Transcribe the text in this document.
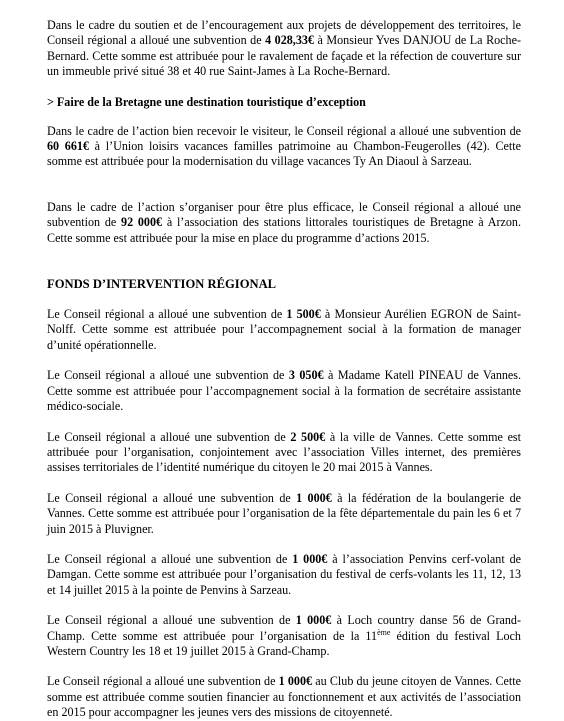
Dans le cadre du soutien et de l’encouragement aux projets de développement des territoires, le Conseil régional a alloué une subvention de 4 028,33€ à Monsieur Yves DANJOU de La Roche-Bernard. Cette somme est attribuée pour le ravalement de façade et la réfection de couverture sur un immeuble privé situé 38 et 40 rue Saint-James à La Roche-Bernard.

> Faire de la Bretagne une destination touristique d’exception

Dans le cadre de l’action bien recevoir le visiteur, le Conseil régional a alloué une subvention de 60 661€ à l’Union loisirs vacances familles patrimoine au Chambon-Feugerolles (42). Cette somme est attribuée pour la modernisation du village vacances Ty An Diaoul à Sarzeau.

Dans le cadre de l’action s’organiser pour être plus efficace, le Conseil régional a alloué une subvention de 92 000€ à l’association des stations littorales touristiques de Bretagne à Arzon. Cette somme est attribuée pour la mise en place du programme d’actions 2015.

FONDS D’INTERVENTION RÉGIONAL

Le Conseil régional a alloué une subvention de 1 500€ à Monsieur Aurélien EGRON de Saint-Nolff. Cette somme est attribuée pour l’accompagnement social à la formation de manager d’unité opérationnelle.

Le Conseil régional a alloué une subvention de 3 050€ à Madame Katell PINEAU de Vannes. Cette somme est attribuée pour l’accompagnement social à la formation de secrétaire assistante médico-sociale.

Le Conseil régional a alloué une subvention de 2 500€ à la ville de Vannes. Cette somme est attribuée pour l’organisation, conjointement avec l’association Villes internet, des premières assises territoriales de l’identité numérique du citoyen le 20 mai 2015 à Vannes.

Le Conseil régional a alloué une subvention de 1 000€ à la fédération de la boulangerie de Vannes. Cette somme est attribuée pour l’organisation de la fête départementale du pain les 6 et 7 juin 2015 à Pluvigner.

Le Conseil régional a alloué une subvention de 1 000€ à l’association Penvins cerf-volant de Damgan. Cette somme est attribuée pour l’organisation du festival de cerfs-volants les 11, 12, 13 et 14 juillet 2015 à la pointe de Penvins à Sarzeau.

Le Conseil régional a alloué une subvention de 1 000€ à Loch country danse 56 de Grand-Champ. Cette somme est attribuée pour l’organisation de la 11ème édition du festival Loch Western Country les 18 et 19 juillet 2015 à Grand-Champ.

Le Conseil régional a alloué une subvention de 1 000€ au Club du jeune citoyen de Vannes. Cette somme est attribuée comme soutien financier au fonctionnement et aux activités de l’association en 2015 pour accompagner les jeunes vers des missions de citoyenneté.
